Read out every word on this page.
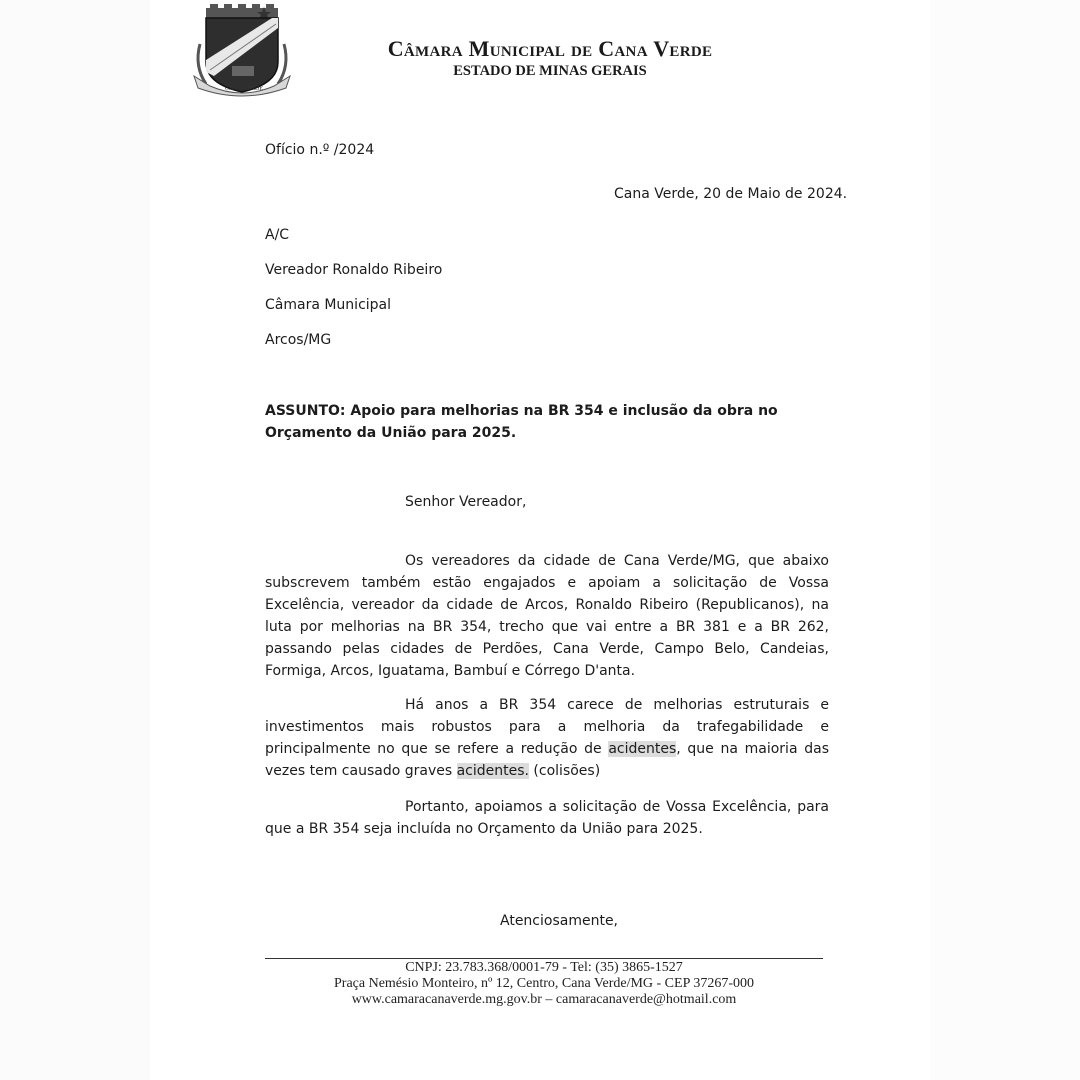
CANA VERDE
Câmara Municipal de Cana Verde
ESTADO DE MINAS GERAIS
Ofício n.º /2024
Cana Verde, 20 de Maio de 2024.
A/C
Vereador Ronaldo Ribeiro
Câmara Municipal
Arcos/MG
ASSUNTO: Apoio para melhorias na BR 354 e inclusão da obra no Orçamento da União para 2025.
Senhor Vereador,
Os vereadores da cidade de Cana Verde/MG, que abaixo subscrevem também estão engajados e apoiam a solicitação de Vossa Excelência, vereador da cidade de Arcos, Ronaldo Ribeiro (Republicanos), na luta por melhorias na BR 354, trecho que vai entre a BR 381 e a BR 262, passando pelas cidades de Perdões, Cana Verde, Campo Belo, Candeias, Formiga, Arcos, Iguatama, Bambuí e Córrego D'anta.
Há anos a BR 354 carece de melhorias estruturais e investimentos mais robustos para a melhoria da trafegabilidade e principalmente no que se refere a redução de acidentes, que na maioria das vezes tem causado graves acidentes. (colisões)
Portanto, apoiamos a solicitação de Vossa Excelência, para que a BR 354 seja incluída no Orçamento da União para 2025.
Atenciosamente,
CNPJ: 23.783.368/0001-79 - Tel: (35) 3865-1527
Praça Nemésio Monteiro, nº 12, Centro, Cana Verde/MG - CEP 37267-000
www.camaracanaverde.mg.gov.br – camaracanaverde@hotmail.com
